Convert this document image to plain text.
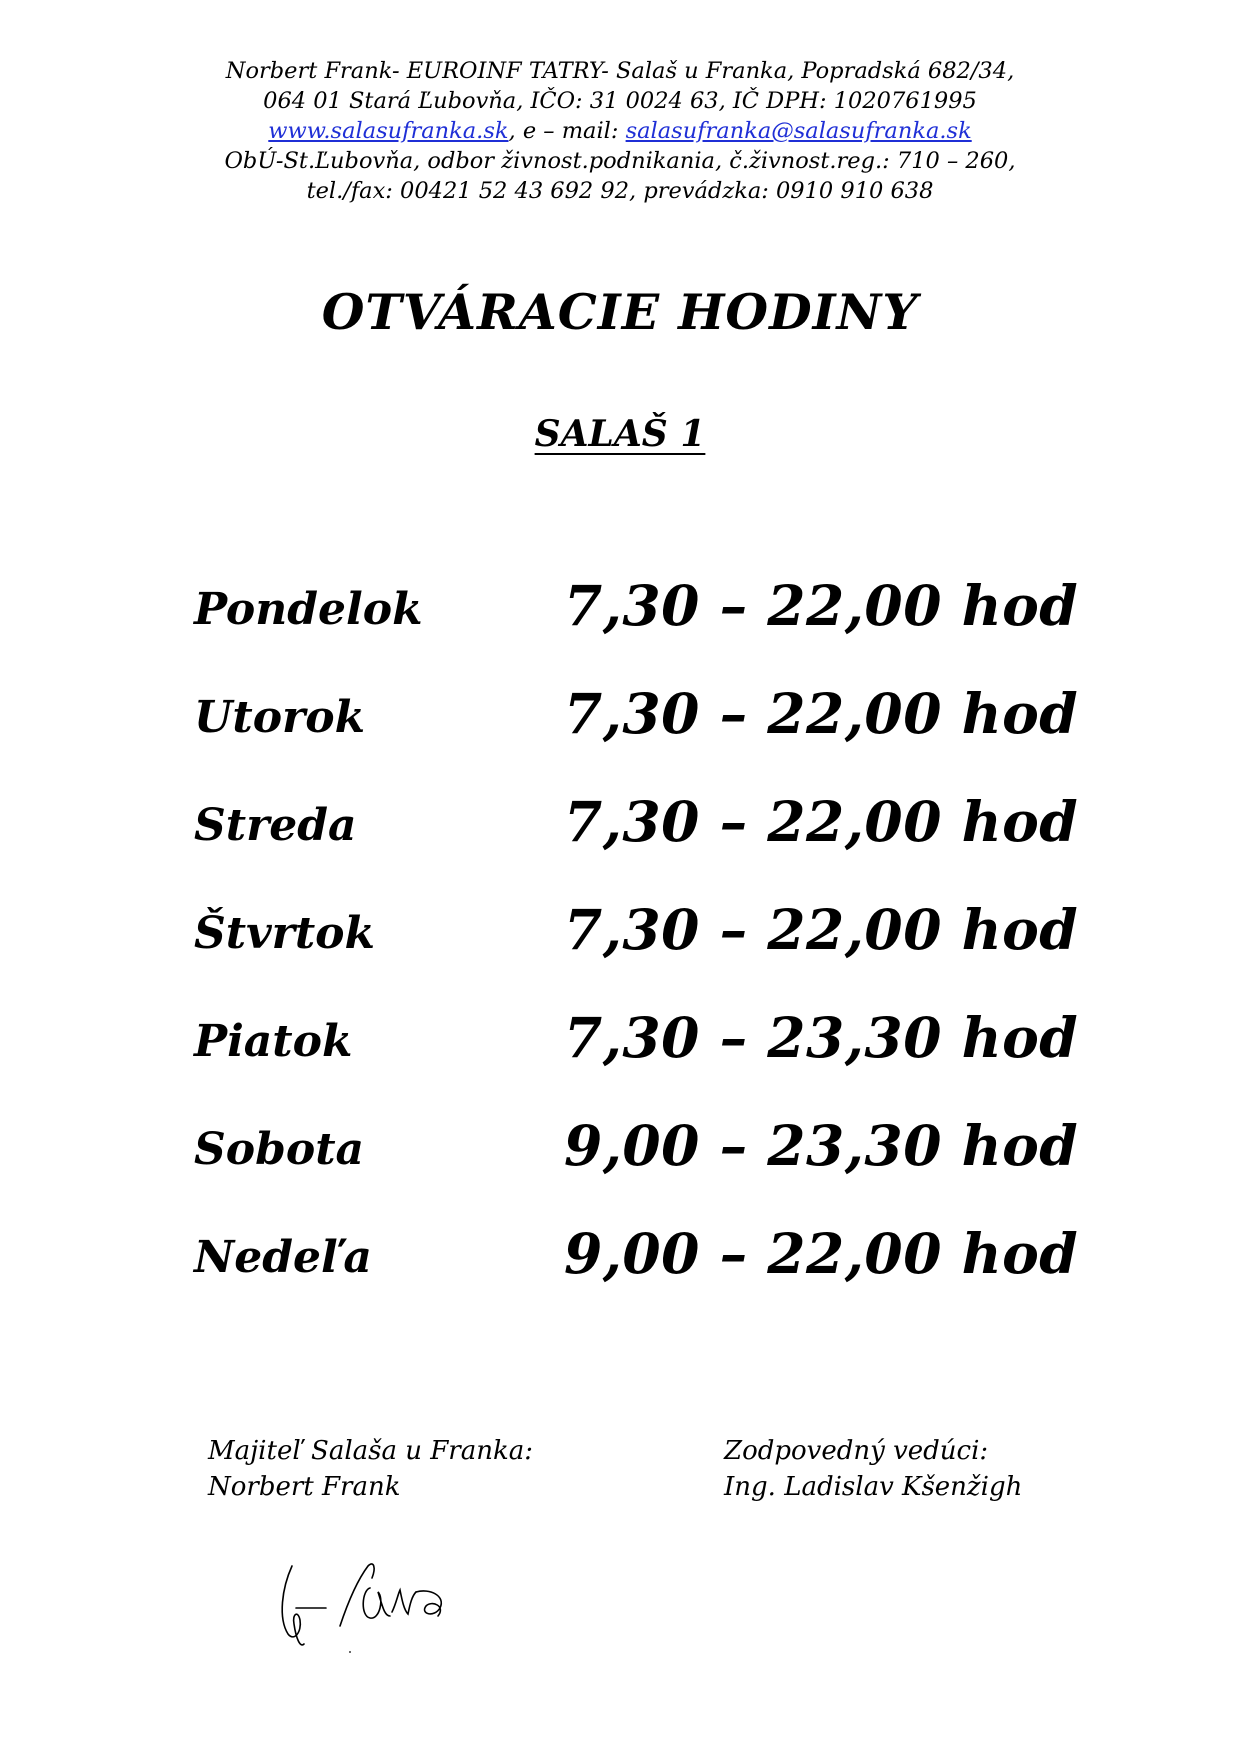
Norbert Frank- EUROINF TATRY- Salaš u Franka, Popradská 682/34,
064 01 Stará Ľubovňa, IČO: 31 0024 63, IČ DPH: 1020761995
www.salasufranka.sk, e – mail: salasufranka@salasufranka.sk
ObÚ-St.Ľubovňa, odbor živnost.podnikania, č.živnost.reg.: 710 – 260,
tel./fax: 00421 52 43 692 92, prevádzka: 0910 910 638
OTVÁRACIE HODINY
SALAŠ 1
Pondelok	7,30 – 22,00 hod
Utorok	7,30 – 22,00 hod
Streda	7,30 – 22,00 hod
Štvrtok	7,30 – 22,00 hod
Piatok	7,30 – 23,30 hod
Sobota	9,00 – 23,30 hod
Nedeľa	9,00 – 22,00 hod
Majiteľ Salaša u Franka:
Norbert Frank
Zodpovedný vedúci:
Ing. Ladislav Kšenžigh
